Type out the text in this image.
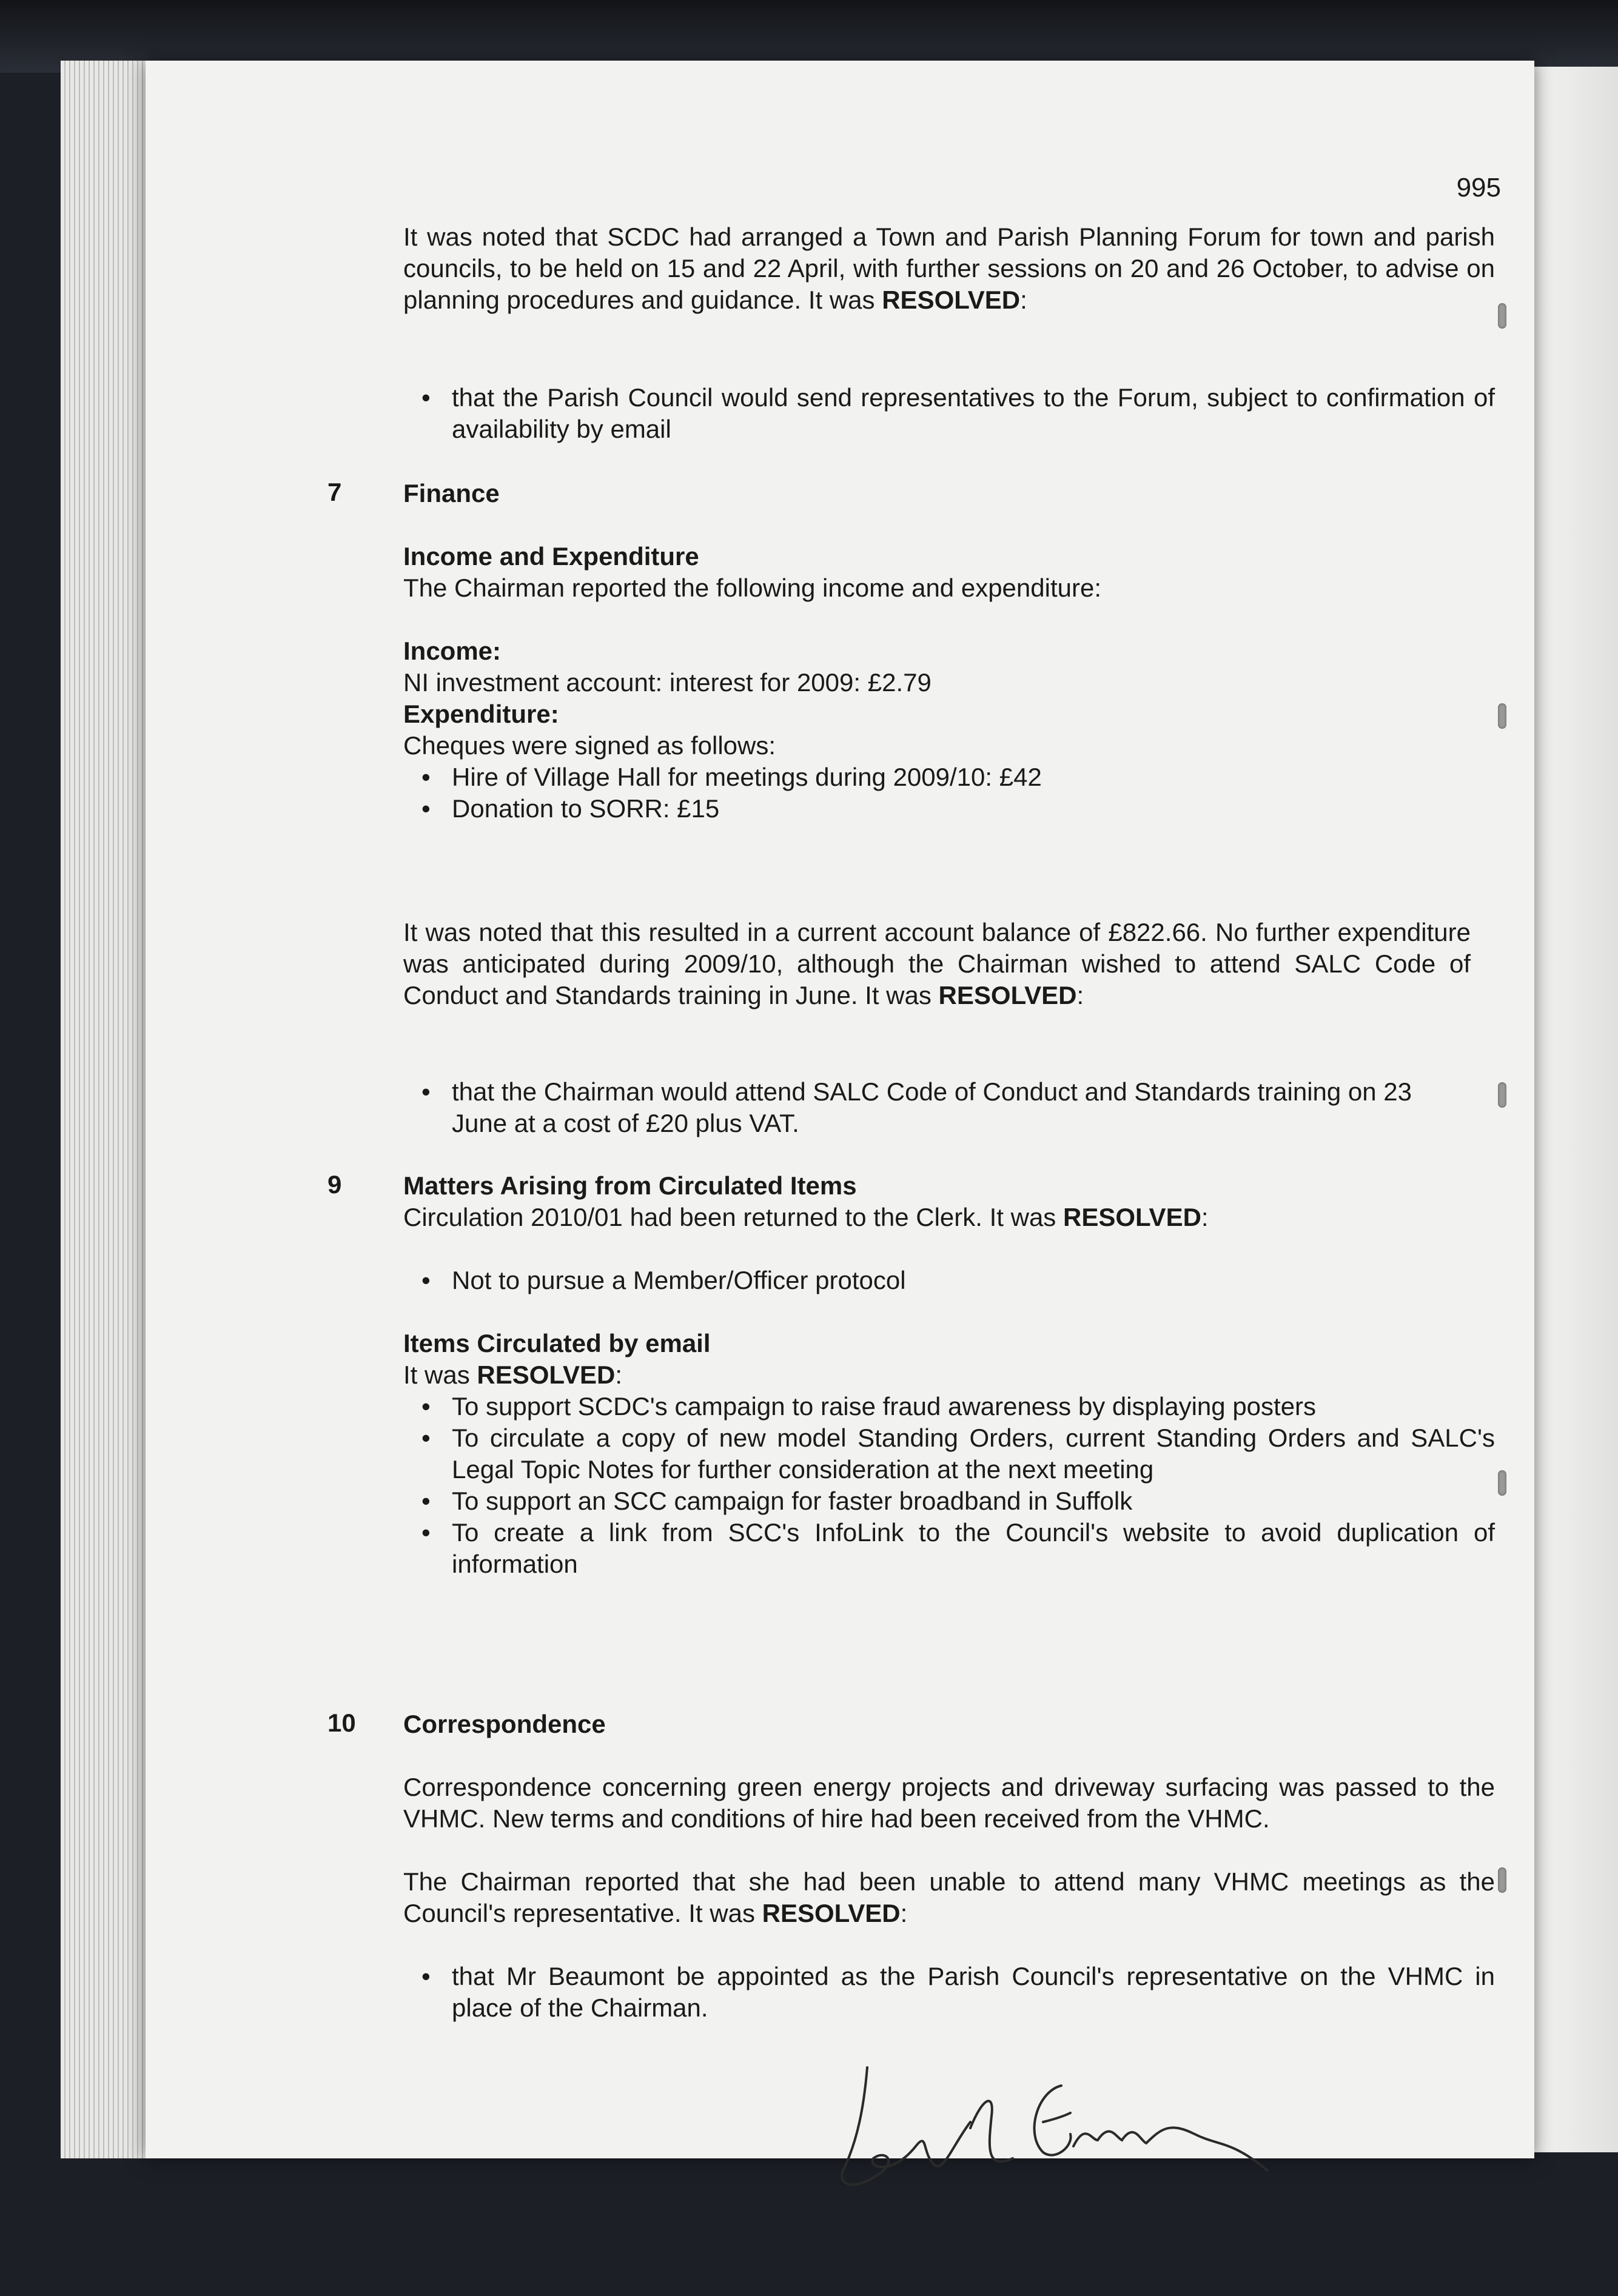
995
It was noted that SCDC had arranged a Town and Parish Planning Forum for town and parish councils, to be held on 15 and 22 April, with further sessions on 20 and 26 October, to advise on planning procedures and guidance. It was RESOLVED:
• that the Parish Council would send representatives to the Forum, subject to confirmation of availability by email
7 Finance
Income and Expenditure
The Chairman reported the following income and expenditure:
Income:
NI investment account: interest for 2009: £2.79
Expenditure:
Cheques were signed as follows:
• Hire of Village Hall for meetings during 2009/10: £42
• Donation to SORR: £15
It was noted that this resulted in a current account balance of £822.66. No further expenditure was anticipated during 2009/10, although the Chairman wished to attend SALC Code of Conduct and Standards training in June. It was RESOLVED:
• that the Chairman would attend SALC Code of Conduct and Standards training on 23 June at a cost of £20 plus VAT.
9 Matters Arising from Circulated Items
Circulation 2010/01 had been returned to the Clerk. It was RESOLVED:
• Not to pursue a Member/Officer protocol
Items Circulated by email
It was RESOLVED:
• To support SCDC's campaign to raise fraud awareness by displaying posters
• To circulate a copy of new model Standing Orders, current Standing Orders and SALC's Legal Topic Notes for further consideration at the next meeting
• To support an SCC campaign for faster broadband in Suffolk
• To create a link from SCC's InfoLink to the Council's website to avoid duplication of information
10 Correspondence
Correspondence concerning green energy projects and driveway surfacing was passed to the VHMC. New terms and conditions of hire had been received from the VHMC.
The Chairman reported that she had been unable to attend many VHMC meetings as the Council's representative. It was RESOLVED:
• that Mr Beaumont be appointed as the Parish Council's representative on the VHMC in place of the Chairman.
